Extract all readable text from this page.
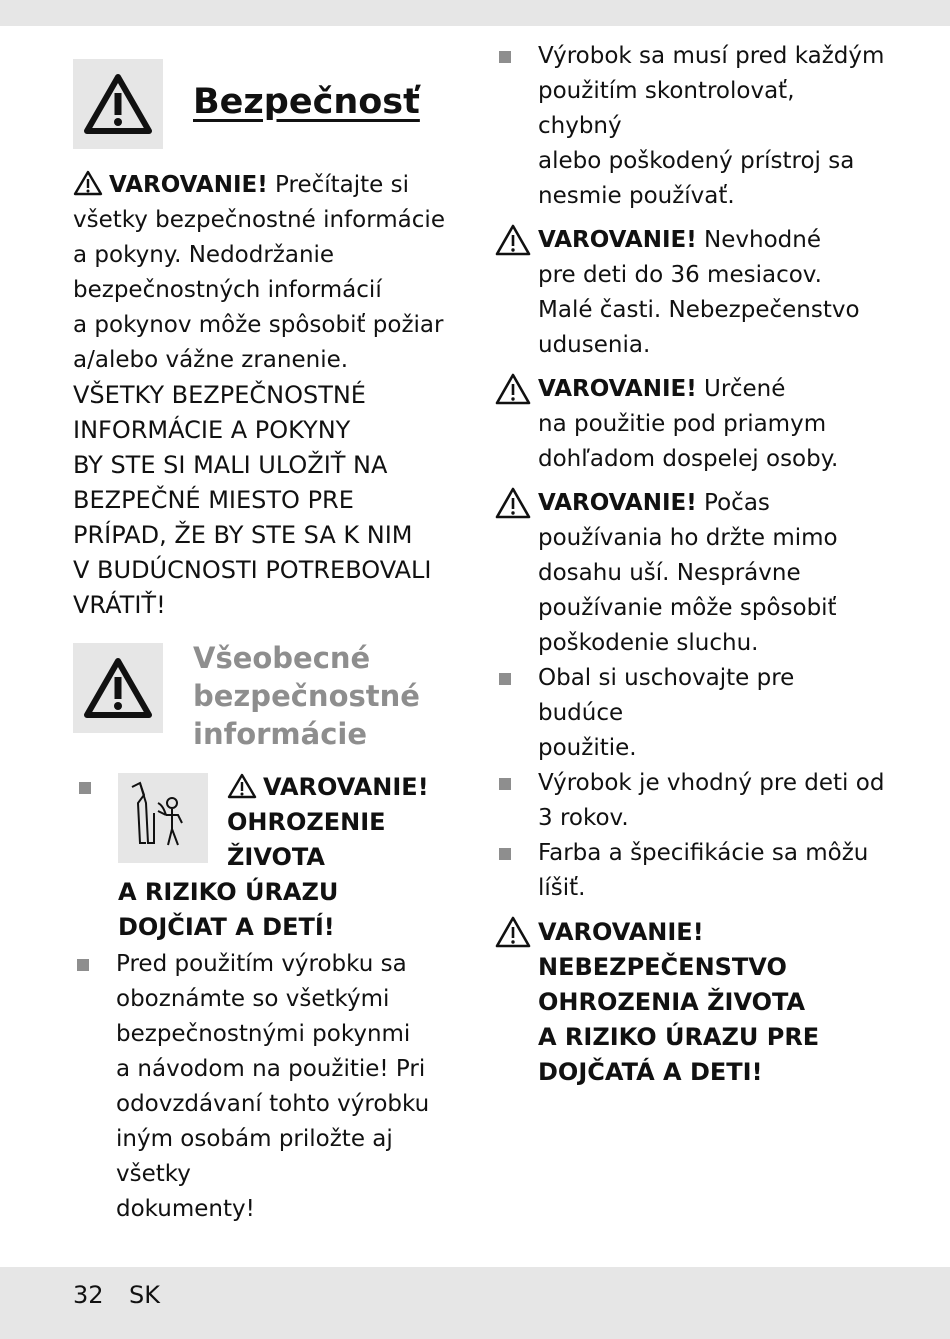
Bezpečnosť
VAROVANIE! Prečítajte si
všetky bezpečnostné informácie
a pokyny. Nedodržanie
bezpečnostných informácií
a pokynov môže spôsobiť požiar
a/alebo vážne zranenie.
VŠETKY BEZPEČNOSTNÉ
INFORMÁCIE A POKYNY
BY STE SI MALI ULOŽIŤ NA
BEZPEČNÉ MIESTO PRE
PRÍPAD, ŽE BY STE SA K NIM
V BUDÚCNOSTI POTREBOVALI
VRÁTIŤ!
Všeobecné
bezpečnostné
informácie
VAROVANIE!
OHROZENIE
ŽIVOTA
A RIZIKO ÚRAZU
DOJČIAT A DETÍ!
Pred použitím výrobku sa
oboznámte so všetkými
bezpečnostnými pokynmi
a návodom na použitie! Pri
odovzdávaní tohto výrobku
iným osobám priložte aj všetky
dokumenty!
Výrobok sa musí pred každým
použitím skontrolovať, chybný
alebo poškodený prístroj sa
nesmie používať.
VAROVANIE! Nevhodné
pre deti do 36 mesiacov.
Malé časti. Nebezpečenstvo
udusenia.
VAROVANIE! Určené
na použitie pod priamym
dohľadom dospelej osoby.
VAROVANIE! Počas
používania ho držte mimo
dosahu uší. Nesprávne
používanie môže spôsobiť
poškodenie sluchu.
Obal si uschovajte pre budúce
použitie.
Výrobok je vhodný pre deti od
3 rokov.
Farba a špecifikácie sa môžu
líšiť.
VAROVANIE!
NEBEZPEČENSTVO
OHROZENIA ŽIVOTA
A RIZIKO ÚRAZU PRE
DOJČATÁ A DETI!
32 SK
